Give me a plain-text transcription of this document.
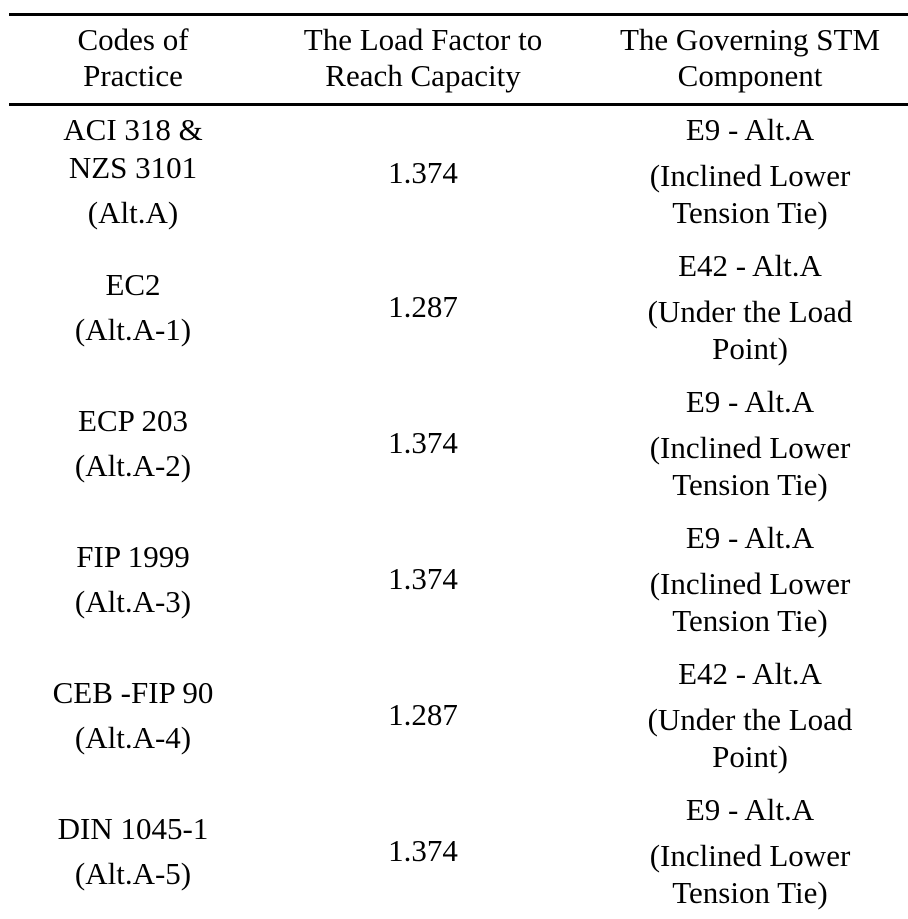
Codes of
Practice
The Load Factor to
Reach Capacity
The Governing STM
Component
ACI 318 &
NZS 3101
(Alt.A)
1.374
E9 - Alt.A
(Inclined Lower
Tension Tie)
EC2
(Alt.A-1)
1.287
E42 - Alt.A
(Under the Load
Point)
ECP 203
(Alt.A-2)
1.374
E9 - Alt.A
(Inclined Lower
Tension Tie)
FIP 1999
(Alt.A-3)
1.374
E9 - Alt.A
(Inclined Lower
Tension Tie)
CEB -FIP 90
(Alt.A-4)
1.287
E42 - Alt.A
(Under the Load
Point)
DIN 1045-1
(Alt.A-5)
1.374
E9 - Alt.A
(Inclined Lower
Tension Tie)
